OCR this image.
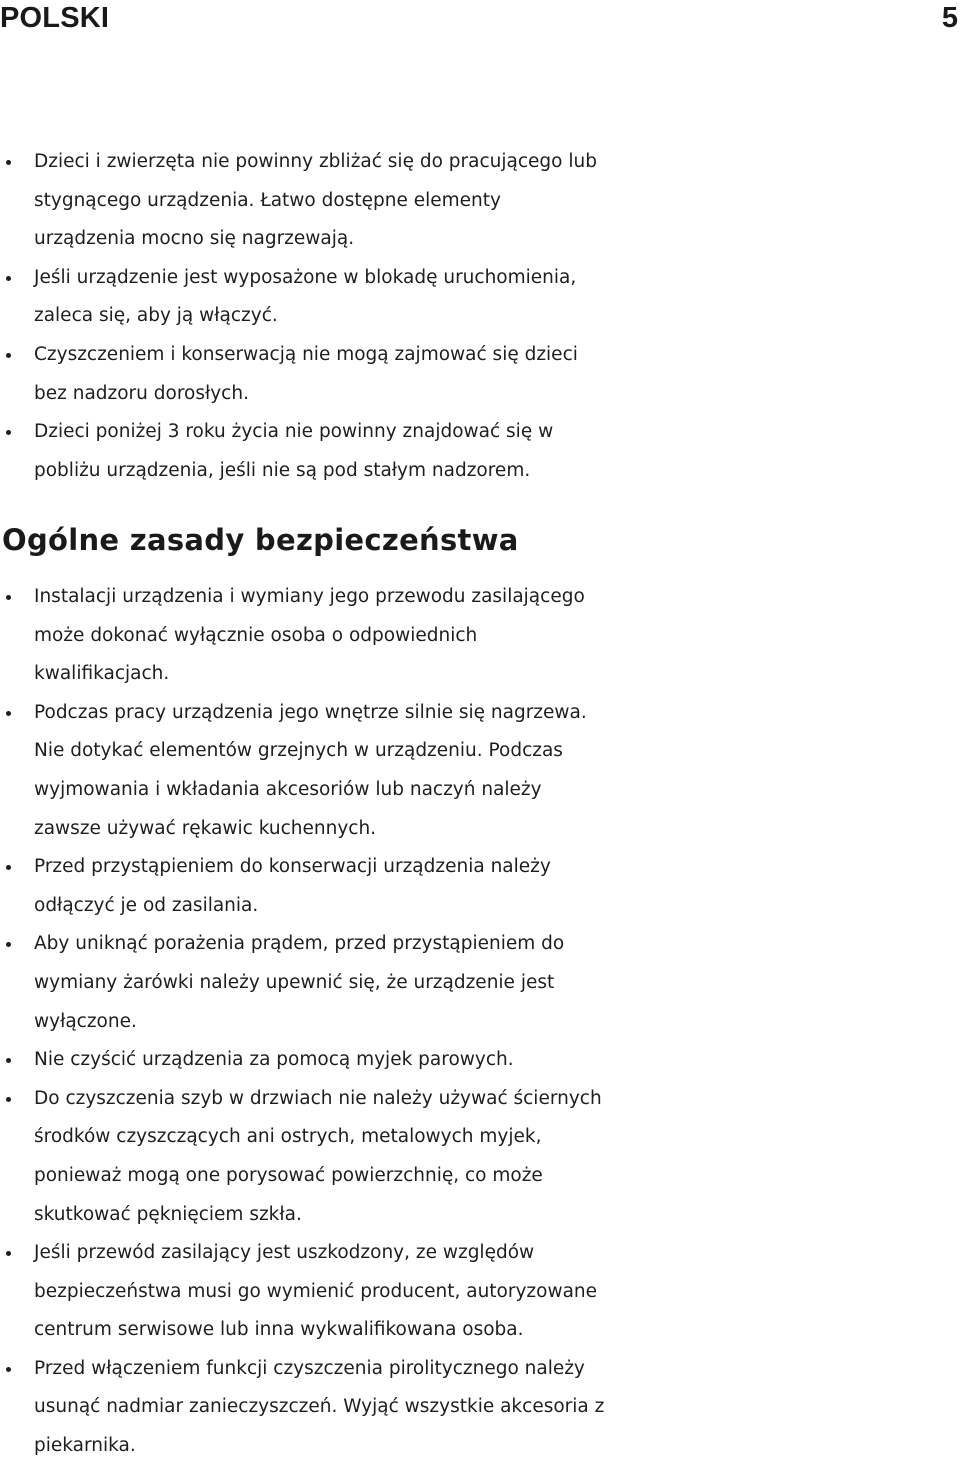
POLSKI	5
Dzieci i zwierzęta nie powinny zbliżać się do pracującego lub
stygnącego urządzenia. Łatwo dostępne elementy
urządzenia mocno się nagrzewają.
Jeśli urządzenie jest wyposażone w blokadę uruchomienia,
zaleca się, aby ją włączyć.
Czyszczeniem i konserwacją nie mogą zajmować się dzieci
bez nadzoru dorosłych.
Dzieci poniżej 3 roku życia nie powinny znajdować się w
pobliżu urządzenia, jeśli nie są pod stałym nadzorem.
Ogólne zasady bezpieczeństwa
Instalacji urządzenia i wymiany jego przewodu zasilającego
może dokonać wyłącznie osoba o odpowiednich
kwalifikacjach.
Podczas pracy urządzenia jego wnętrze silnie się nagrzewa.
Nie dotykać elementów grzejnych w urządzeniu. Podczas
wyjmowania i wkładania akcesoriów lub naczyń należy
zawsze używać rękawic kuchennych.
Przed przystąpieniem do konserwacji urządzenia należy
odłączyć je od zasilania.
Aby uniknąć porażenia prądem, przed przystąpieniem do
wymiany żarówki należy upewnić się, że urządzenie jest
wyłączone.
Nie czyścić urządzenia za pomocą myjek parowych.
Do czyszczenia szyb w drzwiach nie należy używać ściernych
środków czyszczących ani ostrych, metalowych myjek,
ponieważ mogą one porysować powierzchnię, co może
skutkować pęknięciem szkła.
Jeśli przewód zasilający jest uszkodzony, ze względów
bezpieczeństwa musi go wymienić producent, autoryzowane
centrum serwisowe lub inna wykwalifikowana osoba.
Przed włączeniem funkcji czyszczenia pirolitycznego należy
usunąć nadmiar zanieczyszczeń. Wyjąć wszystkie akcesoria z
piekarnika.
